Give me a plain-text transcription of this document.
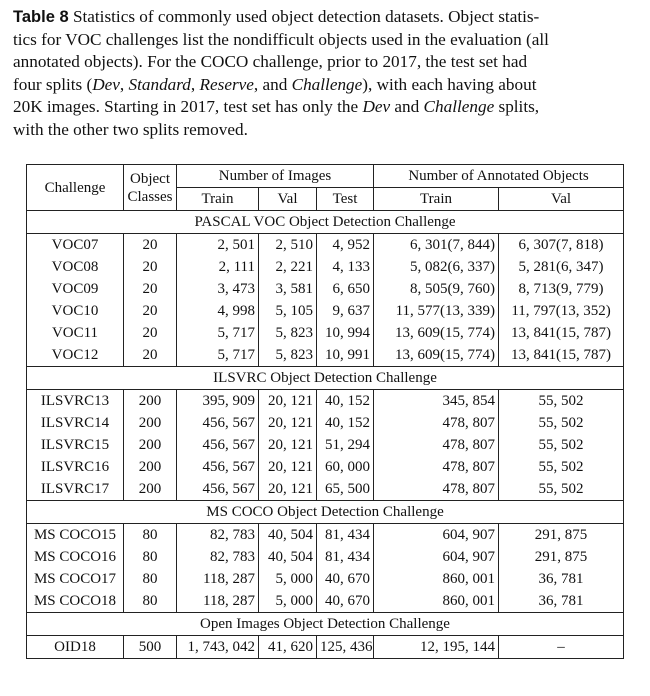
Table 8 Statistics of commonly used object detection datasets. Object statis-
tics for VOC challenges list the nondifficult objects used in the evaluation (all
annotated objects). For the COCO challenge, prior to 2017, the test set had
four splits (Dev, Standard, Reserve, and Challenge), with each having about
20K images. Starting in 2017, test set has only the Dev and Challenge splits,
with the other two splits removed.
Challenge	Object
Classes	Number of Images			Number of Annotated Objects	
		Train	Val	Test	Train	Val
PASCAL VOC Object Detection Challenge						
VOC07	20	2, 501	2, 510	4, 952	6, 301(7, 844)	6, 307(7, 818)
VOC08	20	2, 111	2, 221	4, 133	5, 082(6, 337)	5, 281(6, 347)
VOC09	20	3, 473	3, 581	6, 650	8, 505(9, 760)	8, 713(9, 779)
VOC10	20	4, 998	5, 105	9, 637	11, 577(13, 339)	11, 797(13, 352)
VOC11	20	5, 717	5, 823	10, 994	13, 609(15, 774)	13, 841(15, 787)
VOC12	20	5, 717	5, 823	10, 991	13, 609(15, 774)	13, 841(15, 787)
ILSVRC Object Detection Challenge						
ILSVRC13	200	395, 909	20, 121	40, 152	345, 854	55, 502
ILSVRC14	200	456, 567	20, 121	40, 152	478, 807	55, 502
ILSVRC15	200	456, 567	20, 121	51, 294	478, 807	55, 502
ILSVRC16	200	456, 567	20, 121	60, 000	478, 807	55, 502
ILSVRC17	200	456, 567	20, 121	65, 500	478, 807	55, 502
MS COCO Object Detection Challenge						
MS COCO15	80	82, 783	40, 504	81, 434	604, 907	291, 875
MS COCO16	80	82, 783	40, 504	81, 434	604, 907	291, 875
MS COCO17	80	118, 287	5, 000	40, 670	860, 001	36, 781
MS COCO18	80	118, 287	5, 000	40, 670	860, 001	36, 781
Open Images Object Detection Challenge						
OID18	500	1, 743, 042	41, 620	125, 436	12, 195, 144	–
